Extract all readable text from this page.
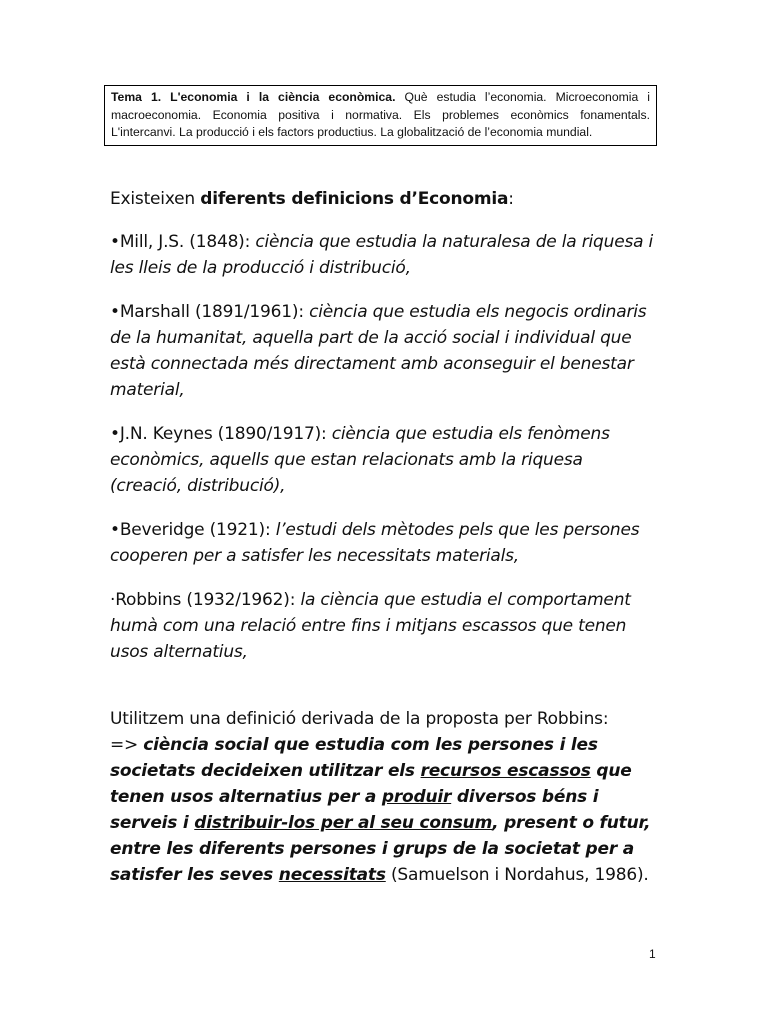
Tema 1. L'economia i la ciència econòmica. Què estudia l’economia. Microeconomia i macroeconomia. Economia positiva i normativa. Els problemes econòmics fonamentals. L'intercanvi. La producció i els factors productius. La globalització de l’economia mundial.

Existeixen diferents definicions d’Economia:

•Mill, J.S. (1848): ciència que estudia la naturalesa de la riquesa i les lleis de la producció i distribució,

•Marshall (1891/1961): ciència que estudia els negocis ordinaris de la humanitat, aquella part de la acció social i individual que està connectada més directament amb aconseguir el benestar material,

•J.N. Keynes (1890/1917): ciència que estudia els fenòmens econòmics, aquells que estan relacionats amb la riquesa (creació, distribució),

•Beveridge (1921): l’estudi dels mètodes pels que les persones cooperen per a satisfer les necessitats materials,

·Robbins (1932/1962): la ciència que estudia el comportament humà com una relació entre fins i mitjans escassos que tenen usos alternatius,

Utilitzem una definició derivada de la proposta per Robbins:
=> ciència social que estudia com les persones i les societats decideixen utilitzar els recursos escassos que tenen usos alternatius per a produir diversos béns i serveis i distribuir-los per al seu consum, present o futur, entre les diferents persones i grups de la societat per a satisfer les seves necessitats (Samuelson i Nordahus, 1986).

1
